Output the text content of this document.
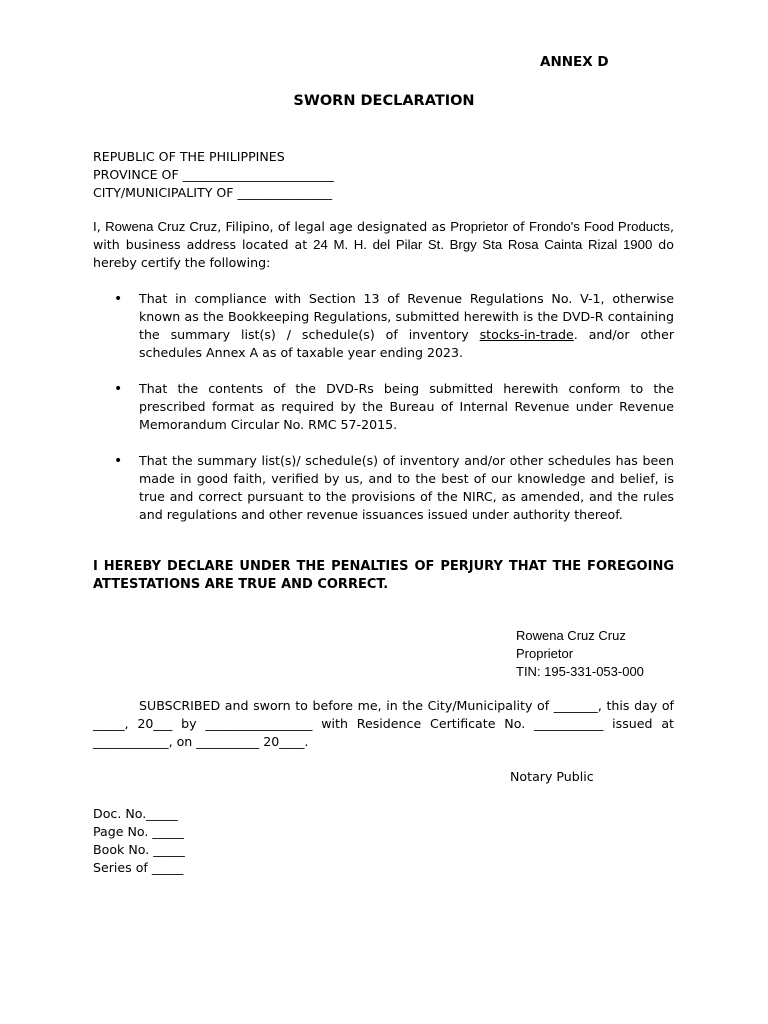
ANNEX D
SWORN DECLARATION
REPUBLIC OF THE PHILIPPINES
PROVINCE OF ________________________
CITY/MUNICIPALITY OF _______________
I, Rowena Cruz Cruz, Filipino, of legal age designated as Proprietor of Frondo's Food Products, with business address located at 24 M. H. del Pilar St. Brgy Sta Rosa Cainta Rizal 1900 do hereby certify the following:
• That in compliance with Section 13 of Revenue Regulations No. V-1, otherwise known as the Bookkeeping Regulations, submitted herewith is the DVD-R containing the summary list(s) / schedule(s) of inventory stocks-in-trade. and/or other schedules Annex A as of taxable year ending 2023.
• That the contents of the DVD-Rs being submitted herewith conform to the prescribed format as required by the Bureau of Internal Revenue under Revenue Memorandum Circular No. RMC 57-2015.
• That the summary list(s)/ schedule(s) of inventory and/or other schedules has been made in good faith, verified by us, and to the best of our knowledge and belief, is true and correct pursuant to the provisions of the NIRC, as amended, and the rules and regulations and other revenue issuances issued under authority thereof.
I HEREBY DECLARE UNDER THE PENALTIES OF PERJURY THAT THE FOREGOING ATTESTATIONS ARE TRUE AND CORRECT.
Rowena Cruz Cruz
Proprietor
TIN: 195-331-053-000
SUBSCRIBED and sworn to before me, in the City/Municipality of _______, this day of _____, 20___ by _________________ with Residence Certificate No. ___________ issued at ____________, on __________ 20____.
Notary Public
Doc. No._____
Page No. _____
Book No. _____
Series of _____
